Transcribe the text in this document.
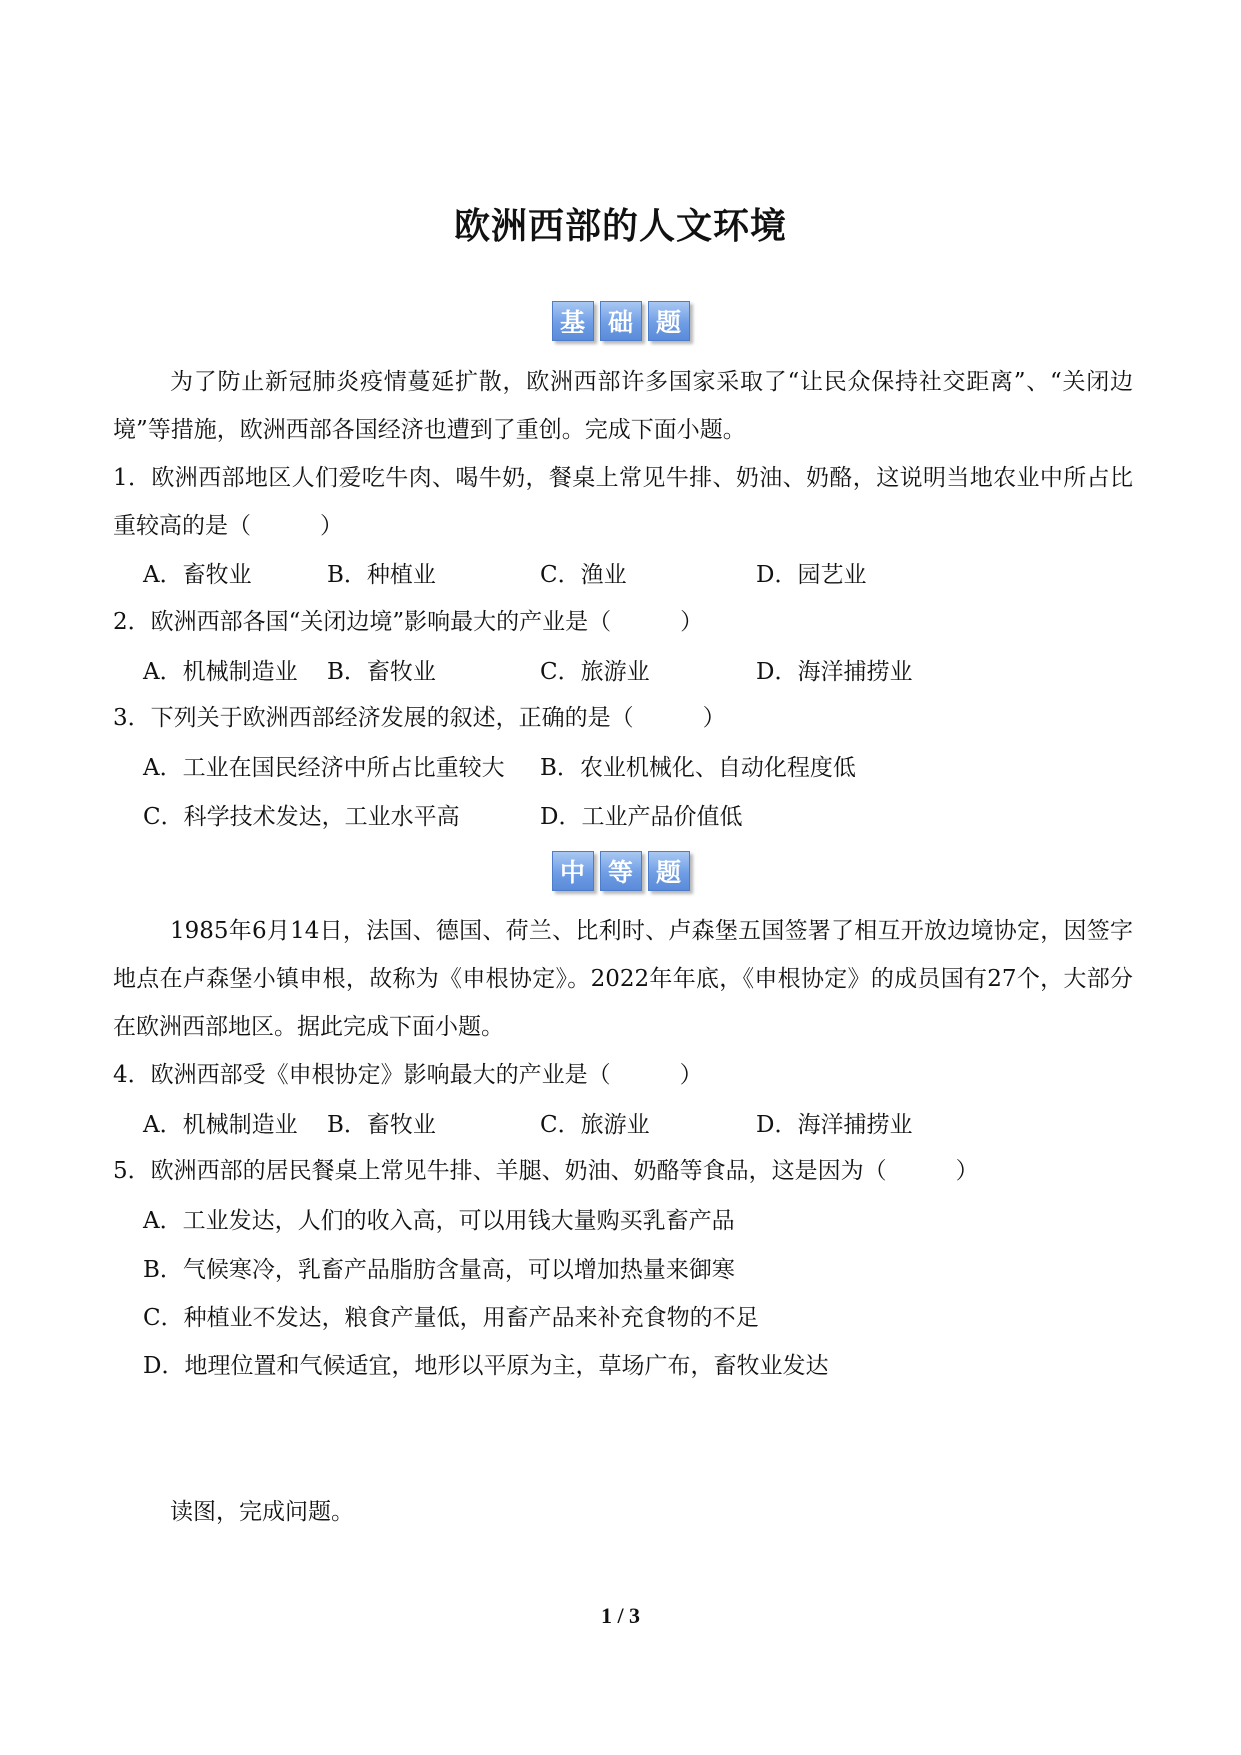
欧洲西部的人文环境
基 础 题
为了防止新冠肺炎疫情蔓延扩散，欧洲西部许多国家采取了“让民众保持社交距离”、“关闭边境”等措施，欧洲西部各国经济也遭到了重创。完成下面小题。
1．欧洲西部地区人们爱吃牛肉、喝牛奶，餐桌上常见牛排、奶油、奶酪，这说明当地农业中所占比重较高的是（　　　）
A．畜牧业	B．种植业	C．渔业	D．园艺业
2．欧洲西部各国“关闭边境”影响最大的产业是（　　　）
A．机械制造业 B．畜牧业	C．旅游业	D．海洋捕捞业
3．下列关于欧洲西部经济发展的叙述，正确的是（　　　）
A．工业在国民经济中所占比重较大 B．农业机械化、自动化程度低
C．科学技术发达，工业水平高	D．工业产品价值低
中 等 题
1985年6月14日，法国、德国、荷兰、比利时、卢森堡五国签署了相互开放边境协定，因签字地点在卢森堡小镇申根，故称为《申根协定》。2022年年底，《申根协定》的成员国有27个，大部分在欧洲西部地区。据此完成下面小题。
4．欧洲西部受《申根协定》影响最大的产业是（　　　）
A．机械制造业 B．畜牧业	C．旅游业	D．海洋捕捞业
5．欧洲西部的居民餐桌上常见牛排、羊腿、奶油、奶酪等食品，这是因为（　　　）
A．工业发达，人们的收入高，可以用钱大量购买乳畜产品
B．气候寒冷，乳畜产品脂肪含量高，可以增加热量来御寒
C．种植业不发达，粮食产量低，用畜产品来补充食物的不足
D．地理位置和气候适宜，地形以平原为主，草场广布，畜牧业发达
读图，完成问题。
1 / 3
